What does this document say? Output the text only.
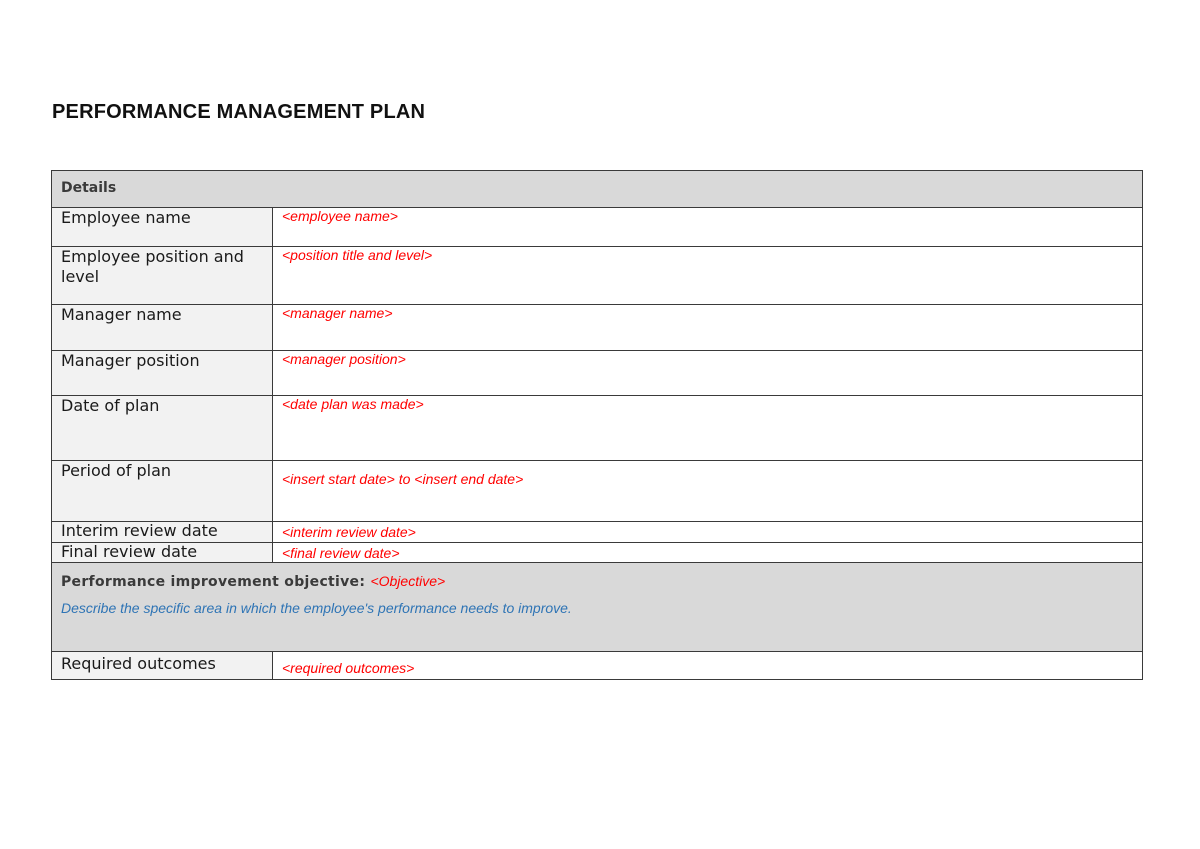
PERFORMANCE MANAGEMENT PLAN
Details	

Employee name	<employee name>
Employee position and level	<position title and level>
Manager name	<manager name>
Manager position	<manager position>
Date of plan	<date plan was made>
Period of plan	<insert start date> to <insert end date>
Interim review date	<interim review date>
Final review date	<final review date>

Performance improvement objective: <Objective>
Describe the specific area in which the employee's performance needs to improve.	

Required outcomes	<required outcomes>
